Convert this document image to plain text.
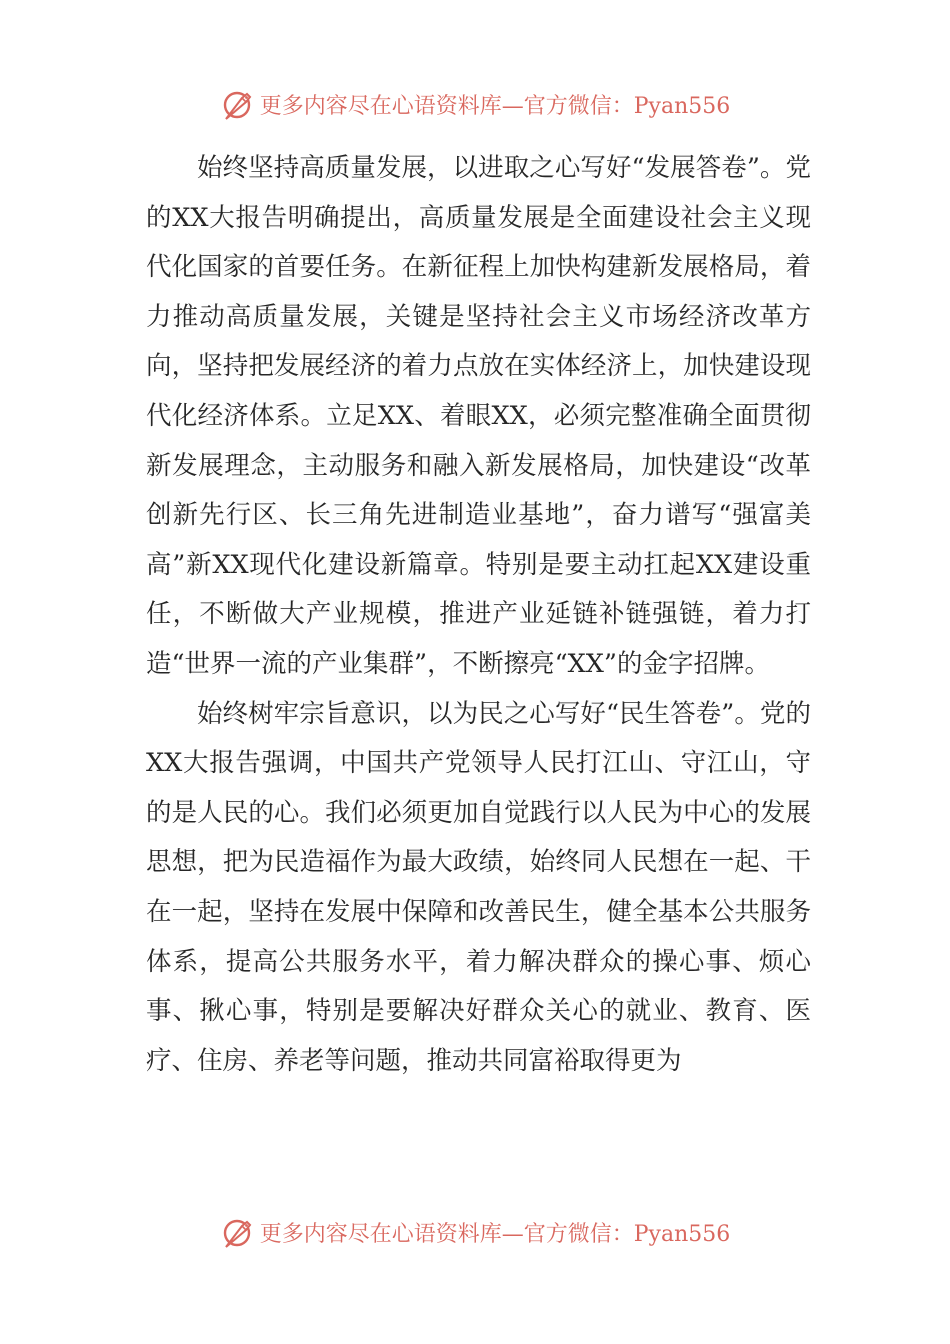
更多内容尽在心语资料库—官方微信：Pyan556

始终坚持高质量发展，以进取之心写好“发展答卷”。党的XX大报告明确提出，高质量发展是全面建设社会主义现代化国家的首要任务。在新征程上加快构建新发展格局，着力推动高质量发展，关键是坚持社会主义市场经济改革方向，坚持把发展经济的着力点放在实体经济上，加快建设现代化经济体系。立足XX、着眼XX，必须完整准确全面贯彻新发展理念，主动服务和融入新发展格局，加快建设“改革创新先行区、长三角先进制造业基地”，奋力谱写“强富美高”新XX现代化建设新篇章。特别是要主动扛起XX建设重任，不断做大产业规模，推进产业延链补链强链，着力打造“世界一流的产业集群”，不断擦亮“XX”的金字招牌。

始终树牢宗旨意识，以为民之心写好“民生答卷”。党的XX大报告强调，中国共产党领导人民打江山、守江山，守的是人民的心。我们必须更加自觉践行以人民为中心的发展思想，把为民造福作为最大政绩，始终同人民想在一起、干在一起，坚持在发展中保障和改善民生，健全基本公共服务体系，提高公共服务水平，着力解决群众的操心事、烦心事、揪心事，特别是要解决好群众关心的就业、教育、医疗、住房、养老等问题，推动共同富裕取得更为

更多内容尽在心语资料库—官方微信：Pyan556
